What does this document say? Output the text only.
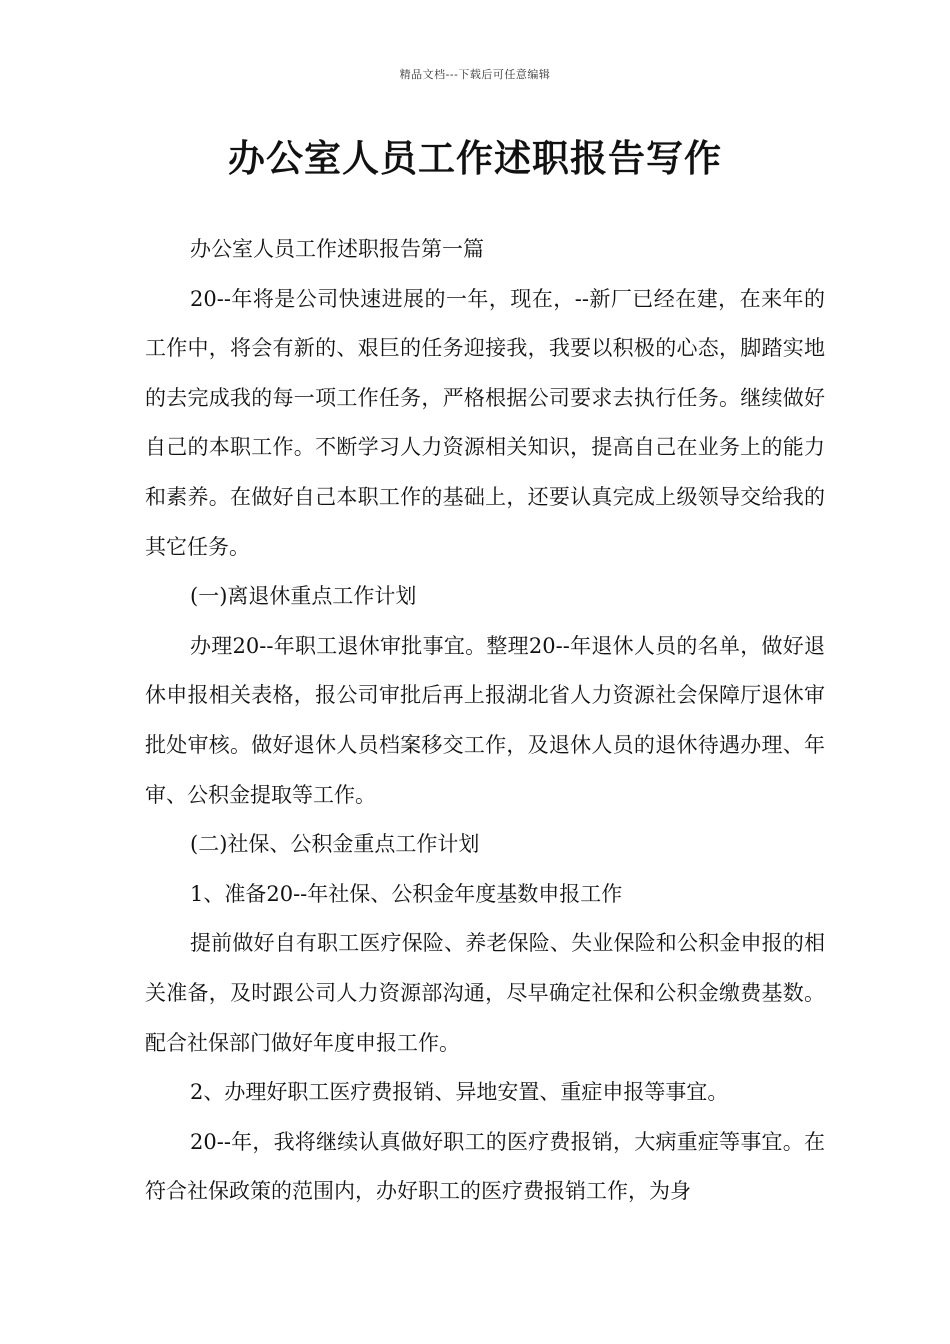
精品文档---下载后可任意编辑
办公室人员工作述职报告写作

办公室人员工作述职报告第一篇

20--年将是公司快速进展的一年，现在，--新厂已经在建，在来年的工作中，将会有新的、艰巨的任务迎接我，我要以积极的心态，脚踏实地的去完成我的每一项工作任务，严格根据公司要求去执行任务。继续做好自己的本职工作。不断学习人力资源相关知识，提高自己在业务上的能力和素养。在做好自己本职工作的基础上，还要认真完成上级领导交给我的其它任务。

(一)离退休重点工作计划

办理20--年职工退休审批事宜。整理20--年退休人员的名单，做好退休申报相关表格，报公司审批后再上报湖北省人力资源社会保障厅退休审批处审核。做好退休人员档案移交工作，及退休人员的退休待遇办理、年审、公积金提取等工作。

(二)社保、公积金重点工作计划

1、准备20--年社保、公积金年度基数申报工作

提前做好自有职工医疗保险、养老保险、失业保险和公积金申报的相关准备，及时跟公司人力资源部沟通，尽早确定社保和公积金缴费基数。配合社保部门做好年度申报工作。

2、办理好职工医疗费报销、异地安置、重症申报等事宜。

20--年，我将继续认真做好职工的医疗费报销，大病重症等事宜。在符合社保政策的范围内，办好职工的医疗费报销工作，为身
